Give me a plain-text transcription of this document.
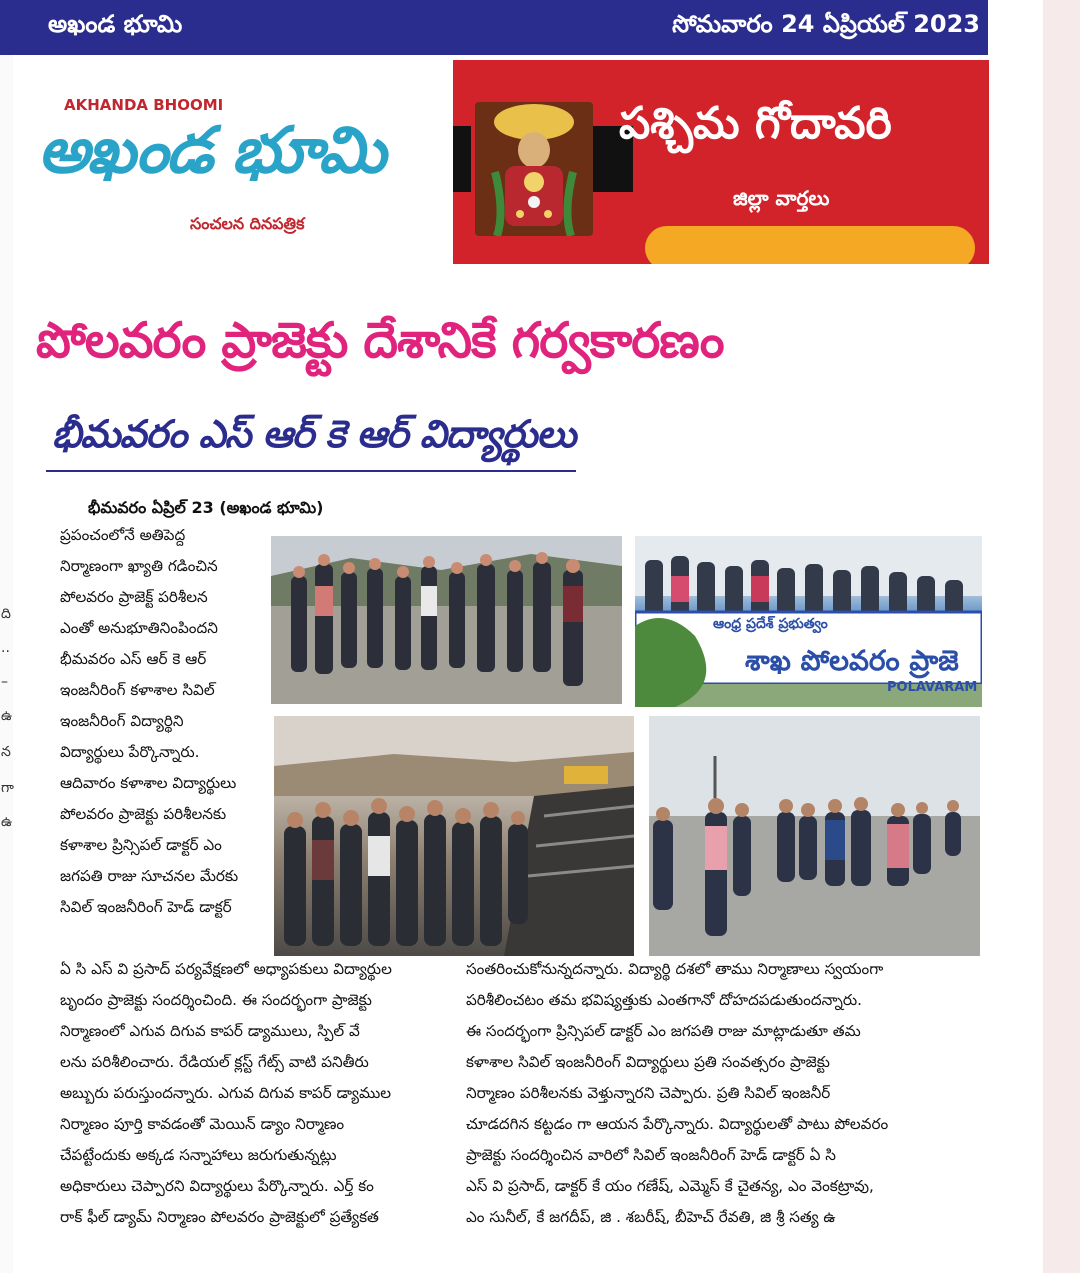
అఖండ భూమి	సోమవారం 24 ఏప్రియల్ 2023
ది
..
–
ఉ
న
గా
ఉ
AKHANDA BHOOMI
అఖండ భూమి
సంచలన దినపత్రిక
పశ్చిమ గోదావరి
జిల్లా వార్తలు
పోలవరం ప్రాజెక్టు దేశానికే గర్వకారణం
భీమవరం ఎస్ ఆర్ కె ఆర్ విద్యార్థులు
భీమవరం ఏప్రిల్ 23 (అఖండ భూమి)
ప్రపంచంలోనే అతిపెద్ద
నిర్మాణంగా ఖ్యాతి గడించిన
పోలవరం ప్రాజెక్ట్ పరిశీలన
ఎంతో అనుభూతినింపిందని
భీమవరం ఎస్ ఆర్ కె ఆర్
ఇంజనీరింగ్ కళాశాల సివిల్
ఇంజనీరింగ్ విద్యార్థిని
విద్యార్థులు పేర్కొన్నారు.
ఆదివారం కళాశాల విద్యార్థులు
పోలవరం ప్రాజెక్టు పరిశీలనకు
కళాశాల ప్రిన్సిపల్ డాక్టర్ ఎం
జగపతి రాజు సూచనల మేరకు
సివిల్ ఇంజనీరింగ్ హెడ్ డాక్టర్
ఏ సి ఎస్ వి ప్రసాద్ పర్యవేక్షణలో అధ్యాపకులు విద్యార్థుల
బృందం ప్రాజెక్టు సందర్శించింది. ఈ సందర్భంగా ప్రాజెక్టు
నిర్మాణంలో ఎగువ దిగువ కాపర్ డ్యాములు, స్పిల్ వే
లను పరిశీలించారు. రేడియల్ క్లస్ట్ గేట్స్ వాటి పనితీరు
అబ్బురు పరుస్తుందన్నారు. ఎగువ దిగువ కాపర్ డ్యాముల
నిర్మాణం పూర్తి కావడంతో మెయిన్ డ్యాం నిర్మాణం
చేపట్టేందుకు అక్కడ సన్నాహాలు జరుగుతున్నట్లు
అధికారులు చెప్పారని విద్యార్థులు పేర్కొన్నారు. ఎర్త్ కం
రాక్ ఫీల్ డ్యామ్ నిర్మాణం పోలవరం ప్రాజెక్టులో ప్రత్యేకత
సంతరించుకోనున్నదన్నారు. విద్యార్థి దశలో తాము నిర్మాణాలు స్వయంగా
పరిశీలించటం తమ భవిష్యత్తుకు ఎంతగానో దోహదపడుతుందన్నారు.
ఈ సందర్భంగా ప్రిన్సిపల్ డాక్టర్ ఎం జగపతి రాజు మాట్లాడుతూ తమ
కళాశాల సివిల్ ఇంజనీరింగ్ విద్యార్థులు ప్రతి సంవత్సరం ప్రాజెక్టు
నిర్మాణం పరిశీలనకు వెళ్తున్నారని చెప్పారు. ప్రతి సివిల్ ఇంజనీర్
చూడదగిన కట్టడం గా ఆయన పేర్కొన్నారు. విద్యార్థులతో పాటు పోలవరం
ప్రాజెక్టు సందర్శించిన వారిలో సివిల్ ఇంజనీరింగ్ హెడ్ డాక్టర్ ఏ సి
ఎస్ వి ప్రసాద్, డాక్టర్ కే యం గణేష్, ఎమ్మెస్ కే చైతన్య, ఎం వెంకట్రావు,
ఎం సునీల్, కే జగదీప్, జి . శబరీష్, బీహెచ్ రేవతి, జి శ్రీ సత్య ఉ
ఆంధ్ర ప్రదేశ్ ప్రభుత్వం
శాఖ పోలవరం ప్రాజె
POLAVARAM
